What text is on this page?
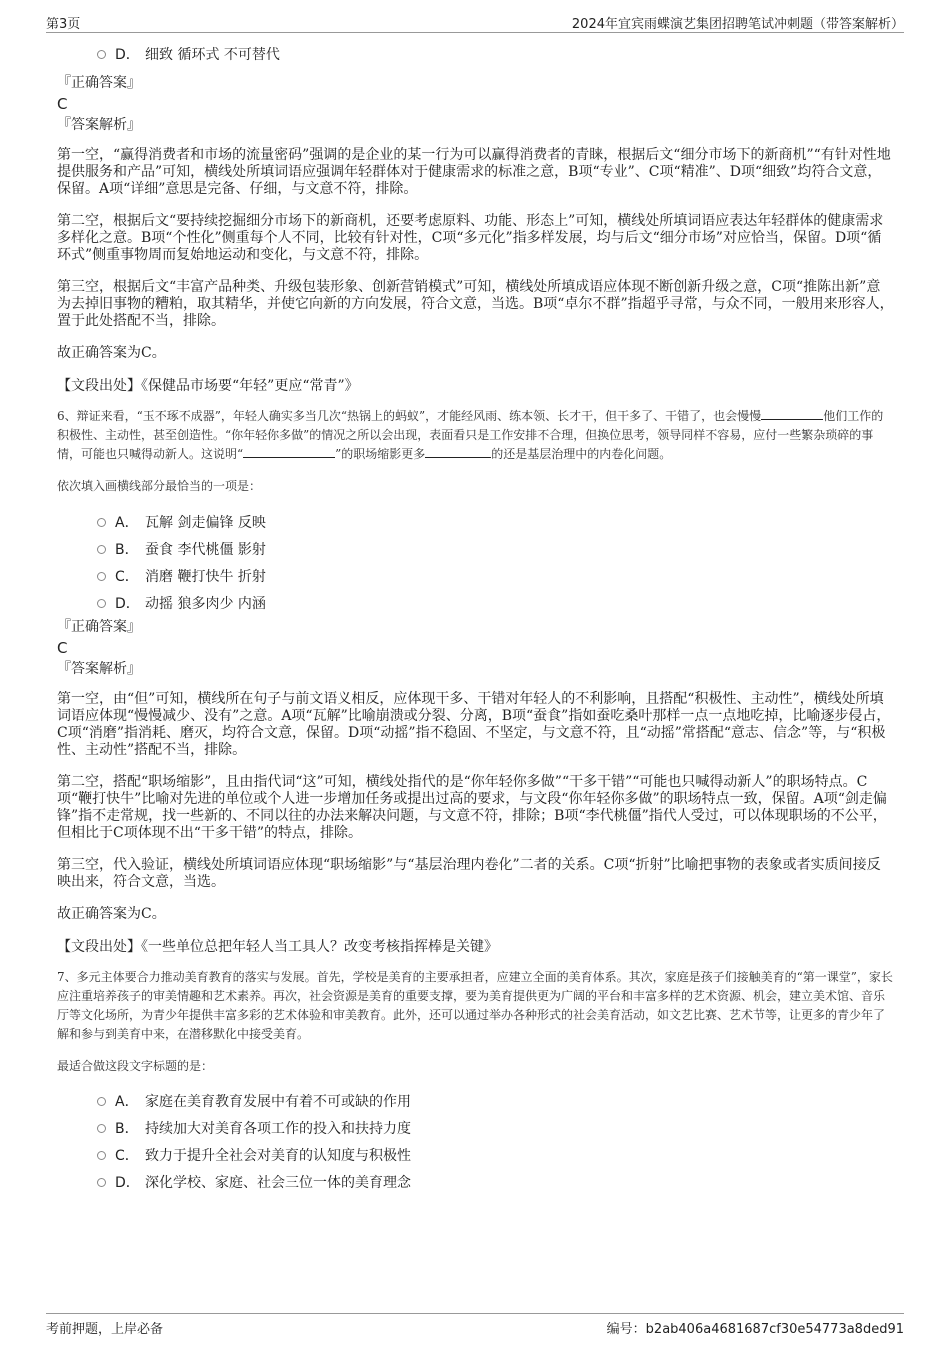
第3页	2024年宜宾雨蝶演艺集团招聘笔试冲刺题（带答案解析）
D． 细致 循环式 不可替代
『正确答案』
C
『答案解析』

第一空，“赢得消费者和市场的流量密码”强调的是企业的某一行为可以赢得消费者的青睐，根据后文“细分市场下的新商机”“有针对性地提供服务和产品”可知，横线处所填词语应强调年轻群体对于健康需求的标准之意，B项“专业”、C项“精准”、D项“细致”均符合文意，保留。A项“详细”意思是完备、仔细，与文意不符，排除。

第二空，根据后文“要持续挖掘细分市场下的新商机，还要考虑原料、功能、形态上”可知，横线处所填词语应表达年轻群体的健康需求多样化之意。B项“个性化”侧重每个人不同，比较有针对性，C项“多元化”指多样发展，均与后文“细分市场”对应恰当，保留。D项“循环式”侧重事物周而复始地运动和变化，与文意不符，排除。

第三空，根据后文“丰富产品种类、升级包装形象、创新营销模式”可知，横线处所填成语应体现不断创新升级之意，C项“推陈出新”意为去掉旧事物的糟粕，取其精华，并使它向新的方向发展，符合文意，当选。B项“卓尔不群”指超乎寻常，与众不同，一般用来形容人，置于此处搭配不当，排除。

故正确答案为C。

【文段出处】《保健品市场要“年轻”更应“常青”》

6、辩证来看，“玉不琢不成器”，年轻人确实多当几次“热锅上的蚂蚁”，才能经风雨、练本领、长才干，但干多了、干错了，也会慢慢	他们工作的积极性、主动性，甚至创造性。“你年轻你多做”的情况之所以会出现，表面看只是工作安排不合理，但换位思考，领导同样不容易，应付一些繁杂琐碎的事情，可能也只喊得动新人。这说明“	”的职场缩影更多	的还是基层治理中的内卷化问题。

依次填入画横线部分最恰当的一项是：

A． 瓦解 剑走偏锋 反映
B． 蚕食 李代桃僵 影射
C． 消磨 鞭打快牛 折射
D． 动摇 狼多肉少 内涵
『正确答案』
C
『答案解析』

第一空，由“但”可知，横线所在句子与前文语义相反，应体现干多、干错对年轻人的不利影响，且搭配“积极性、主动性”，横线处所填词语应体现“慢慢减少、没有”之意。A项“瓦解”比喻崩溃或分裂、分离，B项“蚕食”指如蚕吃桑叶那样一点一点地吃掉，比喻逐步侵占，C项“消磨”指消耗、磨灭，均符合文意，保留。D项“动摇”指不稳固、不坚定，与文意不符，且“动摇”常搭配“意志、信念”等，与“积极性、主动性”搭配不当，排除。

第二空，搭配“职场缩影”，且由指代词“这”可知，横线处指代的是“你年轻你多做”“干多干错”“可能也只喊得动新人”的职场特点。C项“鞭打快牛”比喻对先进的单位或个人进一步增加任务或提出过高的要求，与文段“你年轻你多做”的职场特点一致，保留。A项“剑走偏锋”指不走常规，找一些新的、不同以往的办法来解决问题，与文意不符，排除；B项“李代桃僵”指代人受过，可以体现职场的不公平，但相比于C项体现不出“干多干错”的特点，排除。

第三空，代入验证，横线处所填词语应体现“职场缩影”与“基层治理内卷化”二者的关系。C项“折射”比喻把事物的表象或者实质间接反映出来，符合文意，当选。

故正确答案为C。

【文段出处】《一些单位总把年轻人当工具人？改变考核指挥棒是关键》

7、多元主体要合力推动美育教育的落实与发展。首先，学校是美育的主要承担者，应建立全面的美育体系。其次，家庭是孩子们接触美育的“第一课堂”，家长应注重培养孩子的审美情趣和艺术素养。再次，社会资源是美育的重要支撑，要为美育提供更为广阔的平台和丰富多样的艺术资源、机会，建立美术馆、音乐厅等文化场所，为青少年提供丰富多彩的艺术体验和审美教育。此外，还可以通过举办各种形式的社会美育活动，如文艺比赛、艺术节等，让更多的青少年了解和参与到美育中来，在潜移默化中接受美育。

最适合做这段文字标题的是：

A． 家庭在美育教育发展中有着不可或缺的作用
B． 持续加大对美育各项工作的投入和扶持力度
C． 致力于提升全社会对美育的认知度与积极性
D． 深化学校、家庭、社会三位一体的美育理念
考前押题，上岸必备	编号：b2ab406a4681687cf30e54773a8ded91
